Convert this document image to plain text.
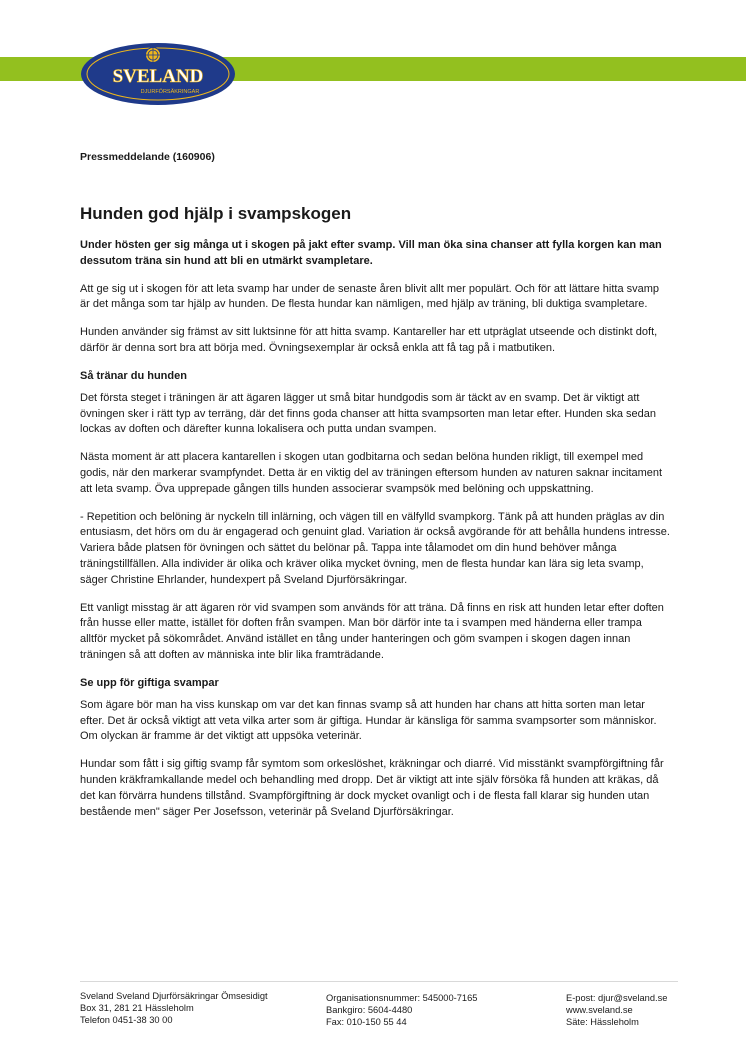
SVELAND
DJURFÖRSÄKRINGAR
Pressmeddelande (160906)
Hunden god hjälp i svampskogen

Under hösten ger sig många ut i skogen på jakt efter svamp. Vill man öka sina chanser att fylla korgen kan man dessutom träna sin hund att bli en utmärkt svampletare.

Att ge sig ut i skogen för att leta svamp har under de senaste åren blivit allt mer populärt. Och för att lättare hitta svamp är det många som tar hjälp av hunden. De flesta hundar kan nämligen, med hjälp av träning, bli duktiga svampletare.

Hunden använder sig främst av sitt luktsinne för att hitta svamp. Kantareller har ett utpräglat utseende och distinkt doft, därför är denna sort bra att börja med. Övningsexemplar är också enkla att få tag på i matbutiken.

Så tränar du hunden

Det första steget i träningen är att ägaren lägger ut små bitar hundgodis som är täckt av en svamp. Det är viktigt att övningen sker i rätt typ av terräng, där det finns goda chanser att hitta svampsorten man letar efter. Hunden ska sedan lockas av doften och därefter kunna lokalisera och putta undan svampen.

Nästa moment är att placera kantarellen i skogen utan godbitarna och sedan belöna hunden rikligt, till exempel med godis, när den markerar svampfyndet. Detta är en viktig del av träningen eftersom hunden av naturen saknar incitament att leta svamp. Öva upprepade gången tills hunden associerar svampsök med belöning och uppskattning.

- Repetition och belöning är nyckeln till inlärning, och vägen till en välfylld svampkorg. Tänk på att hunden präglas av din entusiasm, det hörs om du är engagerad och genuint glad. Variation är också avgörande för att behålla hundens intresse. Variera både platsen för övningen och sättet du belönar på. Tappa inte tålamodet om din hund behöver många träningstillfällen. Alla individer är olika och kräver olika mycket övning, men de flesta hundar kan lära sig leta svamp, säger Christine Ehrlander, hundexpert på Sveland Djurförsäkringar.

Ett vanligt misstag är att ägaren rör vid svampen som används för att träna. Då finns en risk att hunden letar efter doften från husse eller matte, istället för doften från svampen. Man bör därför inte ta i svampen med händerna eller trampa alltför mycket på sökområdet. Använd istället en tång under hanteringen och göm svampen i skogen dagen innan träningen så att doften av människa inte blir lika framträdande.

Se upp för giftiga svampar

Som ägare bör man ha viss kunskap om var det kan finnas svamp så att hunden har chans att hitta sorten man letar efter. Det är också viktigt att veta vilka arter som är giftiga. Hundar är känsliga för samma svampsorter som människor. Om olyckan är framme är det viktigt att uppsöka veterinär.

Hundar som fått i sig giftig svamp får symtom som orkeslöshet, kräkningar och diarré. Vid misstänkt svampförgiftning får hunden kräkframkallande medel och behandling med dropp. Det är viktigt att inte själv försöka få hunden att kräkas, då det kan förvärra hundens tillstånd. Svampförgiftning är dock mycket ovanligt och i de flesta fall klarar sig hunden utan bestående men" säger Per Josefsson, veterinär på Sveland Djurförsäkringar.

Sveland Sveland Djurförsäkringar Ömsesidigt
Box 31, 281 21 Hässleholm
Telefon 0451-38 30 00
Organisationsnummer: 545000-7165
Bankgiro: 5604-4480
Fax: 010-150 55 44
E-post: djur@sveland.se
www.sveland.se
Säte: Hässleholm
